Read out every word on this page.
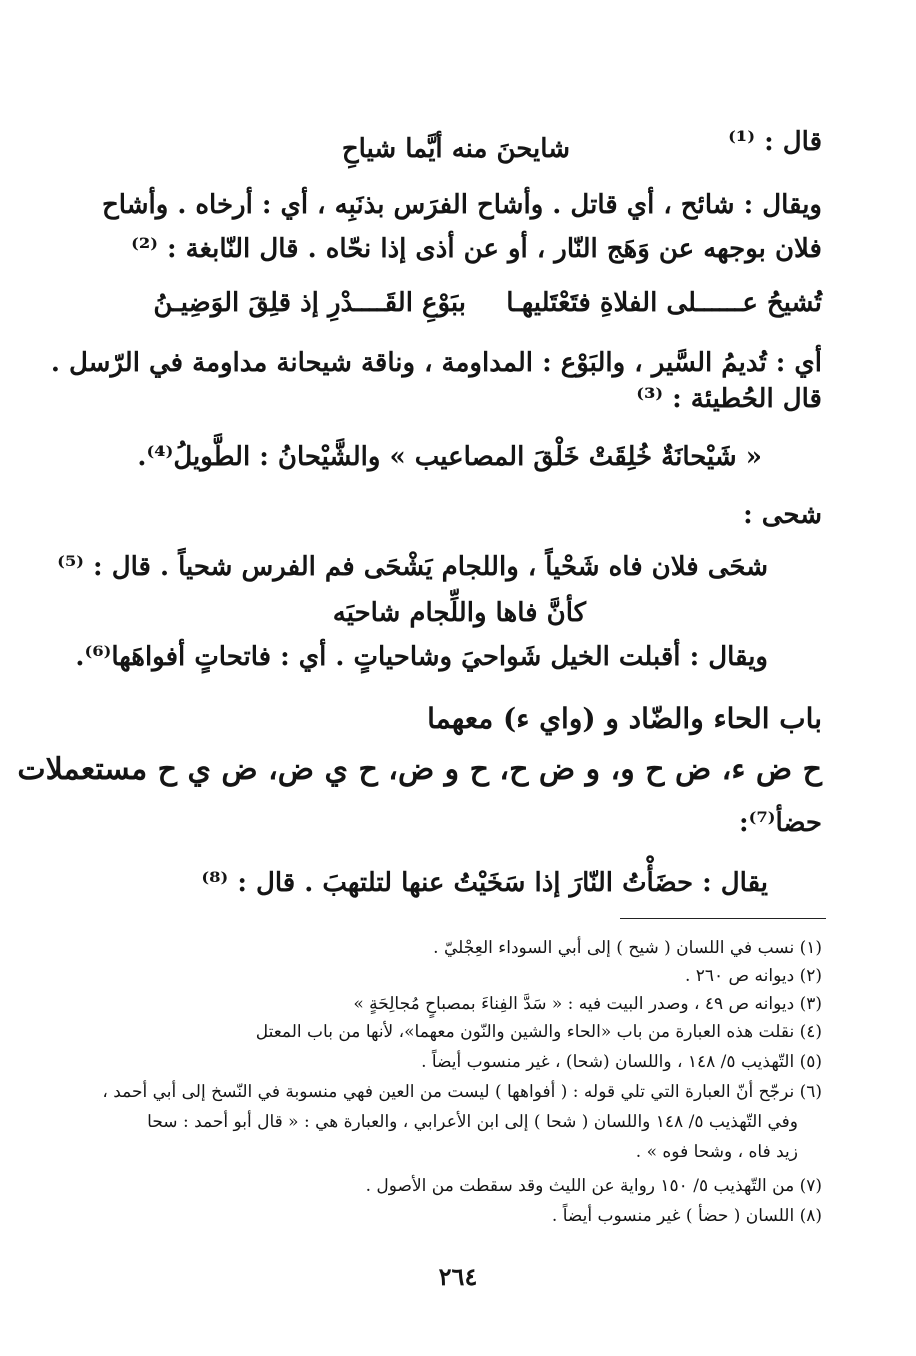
قال : ⁽¹⁾
شايحنَ منه أيَّما شياحِ
ويقال : شائح ، أي قاتل . وأشاح الفرَس بذنَبِه ، أي : أرخاه . وأشاح
فلان بوجهه عن وَهَج النّار ، أو عن أذى إذا نحّاه . قال النّابغة : ⁽²⁾
تُشيحُ عــــــلى الفلاةِ فتَعْتَليهـا
ببَوْعِ القَــــدْرِ إذ قلِقَ الوَضِيـنُ
أي : تُديمُ السَّير ، والبَوْع : المداومة ، وناقة شيحانة مداومة في الرّسل .
قال الحُطيئة : ⁽³⁾
« شَيْحانَةٌ خُلِقَتْ خَلْقَ المصاعيب » والشَّيْحانُ : الطَّويلُ⁽⁴⁾.
شحى :
شحَى فلان فاه شَحْياً ، واللجام يَشْحَى فم الفرس شحياً . قال : ⁽⁵⁾
كأنَّ فاها واللِّجام شاحيَه
ويقال : أقبلت الخيل شَواحيَ وشاحياتٍ . أي : فاتحاتٍ أفواهَها⁽⁶⁾.
باب الحاء والضّاد و (واي ء) معهما
ح ض ء، ض ح و، و ض ح، ح و ض، ح ي ض، ض ي ح مستعملات
حضأ⁽⁷⁾:
يقال : حضَأْتُ النّارَ إذا سَخَيْتُ عنها لتلتهبَ . قال : ⁽⁸⁾
(١) نسب في اللسان ( شيح ) إلى أبي السوداء العِجْليّ .
(٢) ديوانه ص ٢٦٠ .
(٣) ديوانه ص ٤٩ ، وصدر البيت فيه : « سَدَّ الفِناءَ بمصباحٍ مُجالِحَةٍ »
(٤) نقلت هذه العبارة من باب «الحاء والشين والنّون معهما»، لأنها من باب المعتل
(٥) التّهذيب ٥/ ١٤٨ ، واللسان (شحا) ، غير منسوب أيضاً .
(٦) نرجّح أنّ العبارة التي تلي قوله : ( أفواهها ) ليست من العين فهي منسوبة في النّسخ إلى أبي أحمد ،
وفي التّهذيب ٥/ ١٤٨ واللسان ( شحا ) إلى ابن الأعرابي ، والعبارة هي : « قال أبو أحمد : سحا
زيد فاه ، وشحا فوه » .
(٧) من التّهذيب ٥/ ١٥٠ رواية عن الليث وقد سقطت من الأصول .
(٨) اللسان ( حضأ ) غير منسوب أيضاً .
٢٦٤
